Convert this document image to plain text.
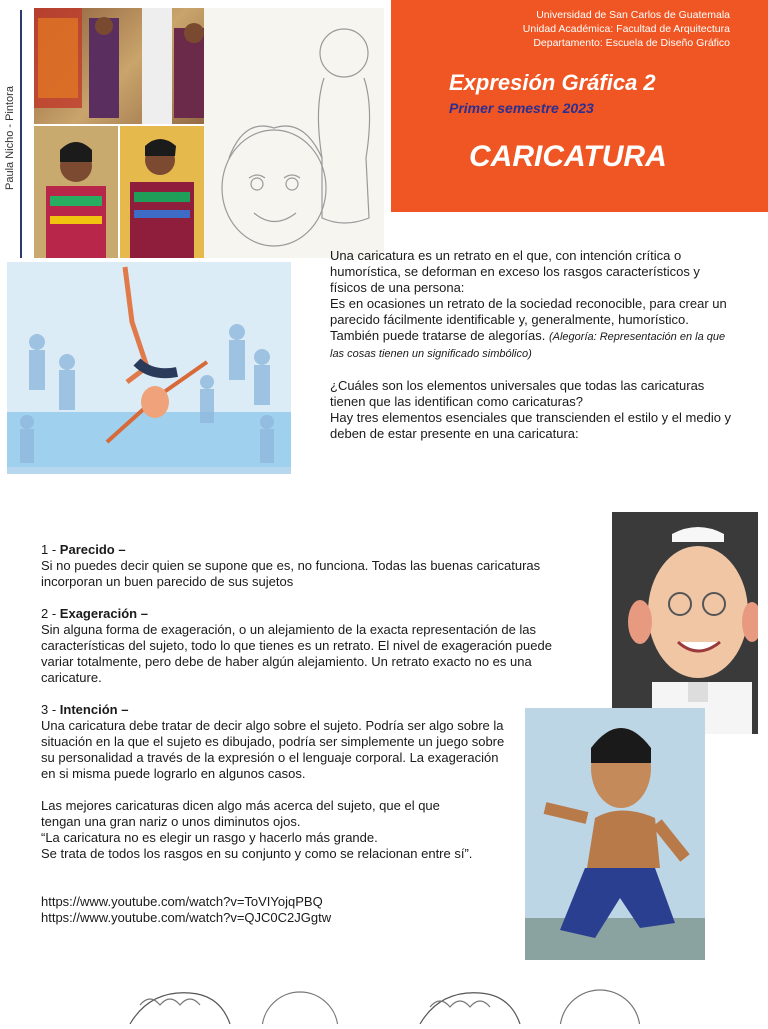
Paula Nicho - Pintora
Universidad de San Carlos de Guatemala
Unidad Académica: Facultad de Arquitectura
Departamento: Escuela de Diseño Gráfico
Expresión Gráfica 2
Primer semestre 2023
CARICATURA

Una caricatura es un retrato en el que, con intención crítica o humorística, se deforman en exceso los rasgos característicos y físicos de una persona:

Es en ocasiones un retrato de la sociedad reconocible, para crear un parecido fácilmente identificable y, generalmente, humorístico.

También puede tratarse de alegorías. (Alegoría: Representación en la que las cosas tienen un significado simbólico)

¿Cuáles son los elementos universales que todas las caricaturas tienen que las identifican como caricaturas?

Hay tres elementos esenciales que transcienden el estilo y el medio y deben de estar presente en una caricatura:

1 - Parecido –

Si no puedes decir quien se supone que es, no funciona. Todas las buenas caricaturas incorporan un buen parecido de sus sujetos

2 - Exageración –

Sin alguna forma de exageración, o un alejamiento de la exacta representación de las características del sujeto, todo lo que tienes es un retrato. El nivel de exageración puede variar totalmente, pero debe de haber algún alejamiento. Un retrato exacto no es una caricature.

3 - Intención –

Una caricatura debe tratar de decir algo sobre el sujeto. Podría ser algo sobre la situación en la que el sujeto es dibujado, podría ser simplemente un juego sobre su personalidad a través de la expresión o el lenguaje corporal. La exageración en si misma puede lograrlo en algunos casos.

Las mejores caricaturas dicen algo más acerca del sujeto, que el que tengan una gran nariz o unos diminutos ojos.

“La caricatura no es elegir un rasgo y hacerlo más grande.

Se trata de todos los rasgos en su conjunto y como se relacionan entre sí”.

https://www.youtube.com/watch?v=ToVIYojqPBQ

https://www.youtube.com/watch?v=QJC0C2JGgtw
